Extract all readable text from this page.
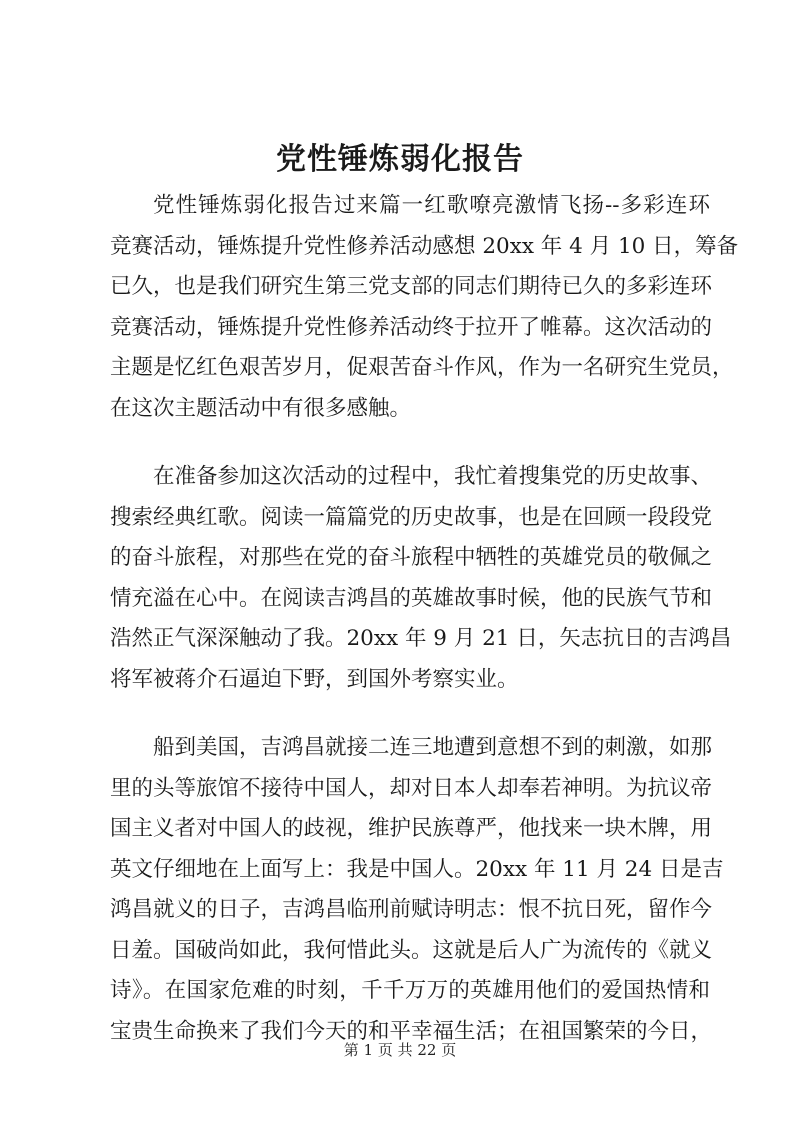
党性锤炼弱化报告
党性锤炼弱化报告过来篇一红歌嘹亮激情飞扬--多彩连环
竞赛活动，锤炼提升党性修养活动感想 20xx 年 4 月 10 日，筹备
已久，也是我们研究生第三党支部的同志们期待已久的多彩连环
竞赛活动，锤炼提升党性修养活动终于拉开了帷幕。这次活动的
主题是忆红色艰苦岁月，促艰苦奋斗作风，作为一名研究生党员，
在这次主题活动中有很多感触。
在准备参加这次活动的过程中，我忙着搜集党的历史故事、
搜索经典红歌。阅读一篇篇党的历史故事，也是在回顾一段段党
的奋斗旅程，对那些在党的奋斗旅程中牺牲的英雄党员的敬佩之
情充溢在心中。在阅读吉鸿昌的英雄故事时候，他的民族气节和
浩然正气深深触动了我。20xx 年 9 月 21 日，矢志抗日的吉鸿昌
将军被蒋介石逼迫下野，到国外考察实业。
船到美国，吉鸿昌就接二连三地遭到意想不到的刺激，如那
里的头等旅馆不接待中国人，却对日本人却奉若神明。为抗议帝
国主义者对中国人的歧视，维护民族尊严，他找来一块木牌，用
英文仔细地在上面写上：我是中国人。20xx 年 11 月 24 日是吉
鸿昌就义的日子，吉鸿昌临刑前赋诗明志：恨不抗日死，留作今
日羞。国破尚如此，我何惜此头。这就是后人广为流传的《就义
诗》。在国家危难的时刻，千千万万的英雄用他们的爱国热情和
宝贵生命换来了我们今天的和平幸福生活；在祖国繁荣的今日，
第 1 页 共 22 页
